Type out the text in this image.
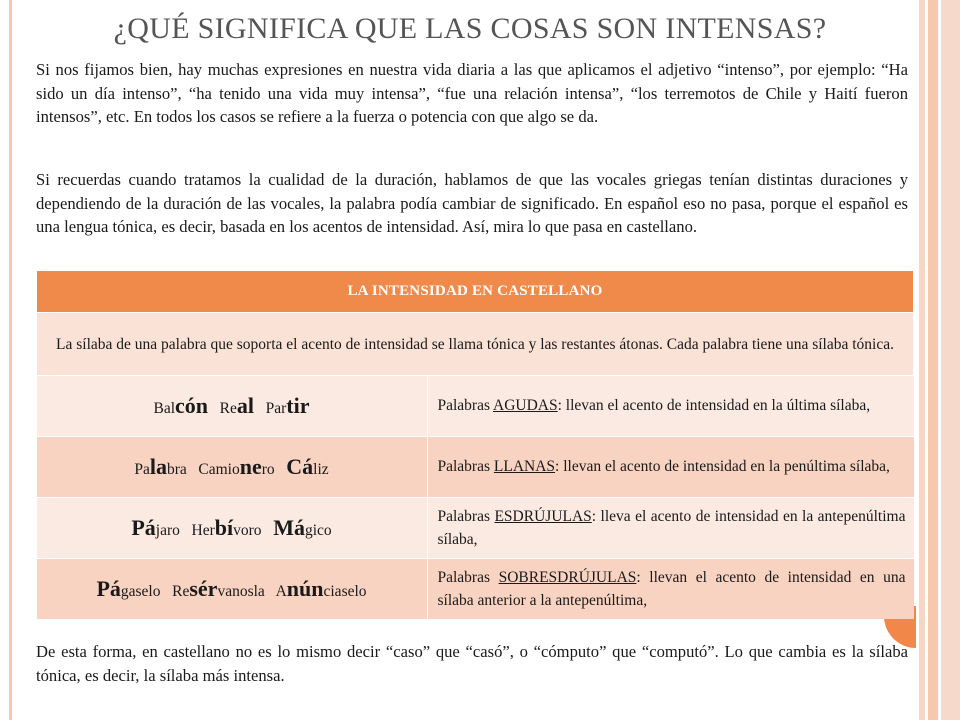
¿QUÉ SIGNIFICA QUE LAS COSAS SON INTENSAS?
Si nos fijamos bien, hay muchas expresiones en nuestra vida diaria a las que aplicamos el adjetivo “intenso”, por ejemplo: “Ha sido un día intenso”, “ha tenido una vida muy intensa”, “fue una relación intensa”, “los terremotos de Chile y Haití fueron intensos”, etc. En todos los casos se refiere a la fuerza o potencia con que algo se da.
Si recuerdas cuando tratamos la cualidad de la duración, hablamos de que las vocales griegas tenían distintas duraciones y dependiendo de la duración de las vocales, la palabra podía cambiar de significado. En español eso no pasa, porque el español es una lengua tónica, es decir, basada en los acentos de intensidad. Así, mira lo que pasa en castellano.
LA INTENSIDAD EN CASTELLANO	
La sílaba de una palabra que soporta el acento de intensidad se llama tónica y las restantes átonas. Cada palabra tiene una sílaba tónica.	
Balcón Real Partir	Palabras AGUDAS: llevan el acento de intensidad en la última sílaba,
Palabra Camionero Cáliz	Palabras LLANAS: llevan el acento de intensidad en la penúltima sílaba,
Pájaro Herbívoro Mágico	Palabras ESDRÚJULAS: lleva el acento de intensidad en la antepenúltima sílaba,
Págaselo Resérvanosla Anúnciaselo	Palabras SOBRESDRÚJULAS: llevan el acento de intensidad en una sílaba anterior a la antepenúltima,
De esta forma, en castellano no es lo mismo decir “caso” que “casó”, o “cómputo” que “computó”. Lo que cambia es la sílaba tónica, es decir, la sílaba más intensa.
